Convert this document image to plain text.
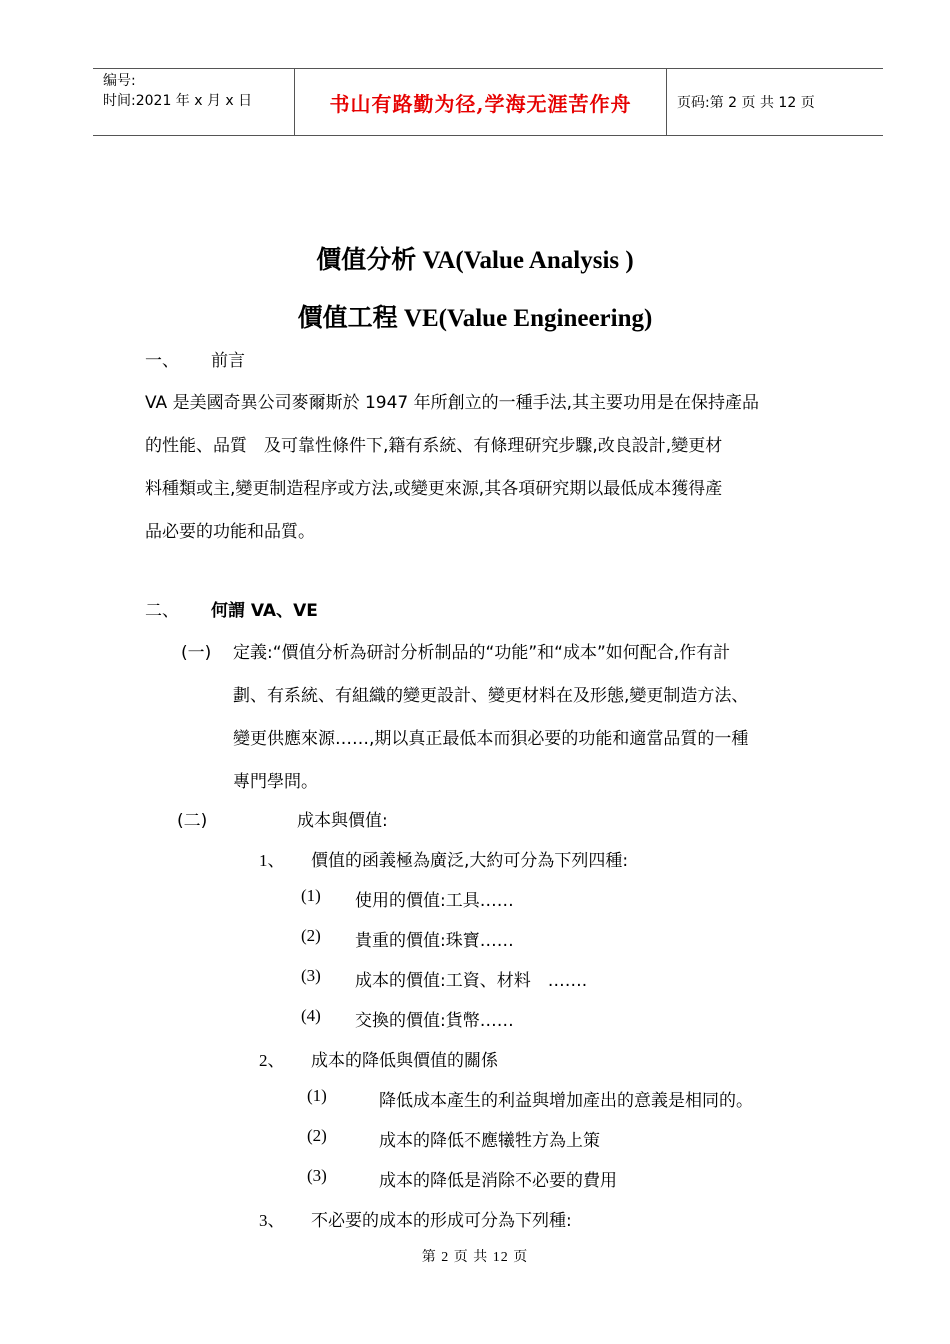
编号:
时间:2021 年 x 月 x 日	书山有路勤为径,学海无涯苦作舟	页码:第 2 页 共 12 页
價值分析 VA(Value Analysis )
價值工程 VE(Value Engineering)
一、 前言
VA 是美國奇異公司麥爾斯於 1947 年所創立的一種手法,其主要功用是在保持產品
的性能、品質　及可靠性條件下,籍有系統、有條理研究步驟,改良設計,變更材
料種類或主,變更制造程序或方法,或變更來源,其各項研究期以最低成本獲得產
品必要的功能和品質。
二、 何謂 VA、VE
(一) 定義:“價值分析為研討分析制品的“功能”和“成本”如何配合,作有計
劃、有系統、有組織的變更設計、變更材料在及形態,變更制造方法、
變更供應來源……,期以真正最低本而狽必要的功能和適當品質的一種
專門學問。
(二)	成本與價值:
1、 價值的函義極為廣泛,大約可分為下列四種:
(1) 使用的價值:工具……
(2) 貴重的價值:珠寶……
(3) 成本的價值:工資、材料　…….
(4) 交換的價值:貨幣……
2、 成本的降低與價值的關係
(1)	降低成本產生的利益與增加產出的意義是相同的。
(2)	成本的降低不應犧牲方為上策
(3)	成本的降低是消除不必要的費用
3、 不必要的成本的形成可分為下列種:
第 2 页 共 12 页
